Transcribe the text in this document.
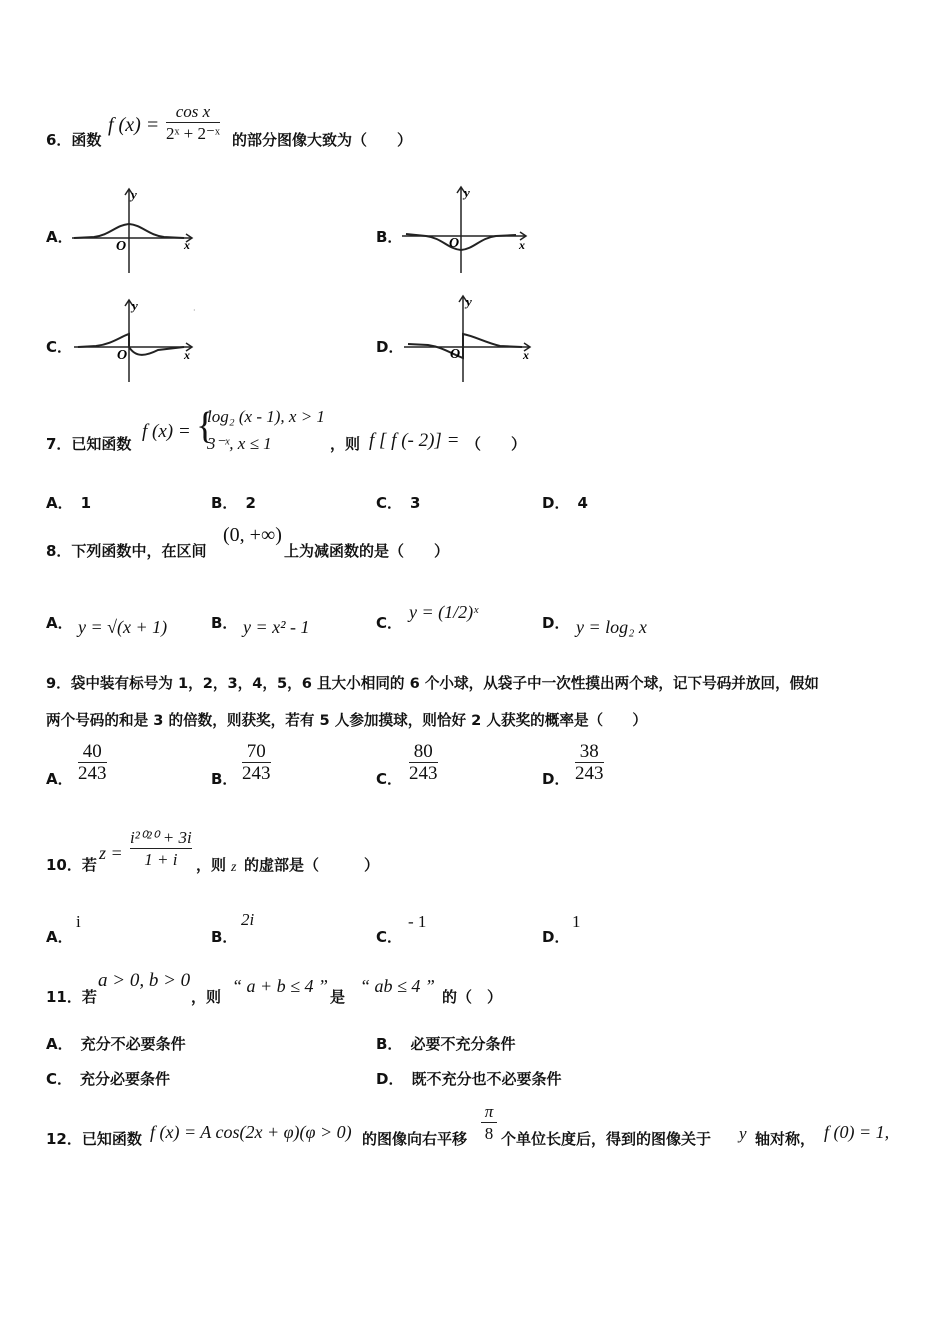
6．函数
f (x) =
cos x
2ˣ + 2⁻ˣ 的部分图像大致为（　　）
A．	B．
C．	D．
y
x
O
y
x
O
y
x
O
·
y
x
O
7．已知函数
f (x) = {
log₂ (x - 1), x > 1
3⁻ˣ, x ≤ 1	，则 f [ f (- 2)] = （　　）
A． 1	B． 2	C． 3	D． 4
8．下列函数中，在区间
(0, +∞)
上为减函数的是（　　）
A． y = √(x + 1)	B． y = x² - 1	C．
y = (1/2)ˣ
D． y = log₂ x
9．袋中装有标号为 1，2，3，4，5，6 且大小相同的 6 个小球，从袋子中一次性摸出两个球，记下号码并放回，假如
两个号码的和是 3 的倍数，则获奖，若有 5 人参加摸球，则恰好 2 人获奖的概率是（　　）
A．
40
243	B．
70
243	C．
80
243	D．
38
243
10．若
z =
i²⁰²⁰ + 3i
1 + i ，则 z 的虚部是（　　　）
A．
i
B．
2i
C．
- 1
D．
1
11．若
a > 0, b > 0
，则
“ a + b ≤ 4 ”
是
“ ab ≤ 4 ”
的（　）
A． 充分不必要条件	B． 必要不充分条件
C． 充分必要条件	D． 既不充分也不必要条件
12．已知函数 f (x) = A cos(2x + φ)(φ > 0) 的图像向右平移
π
8 个单位长度后，得到的图像关于 y 轴对称， f (0) = 1,
